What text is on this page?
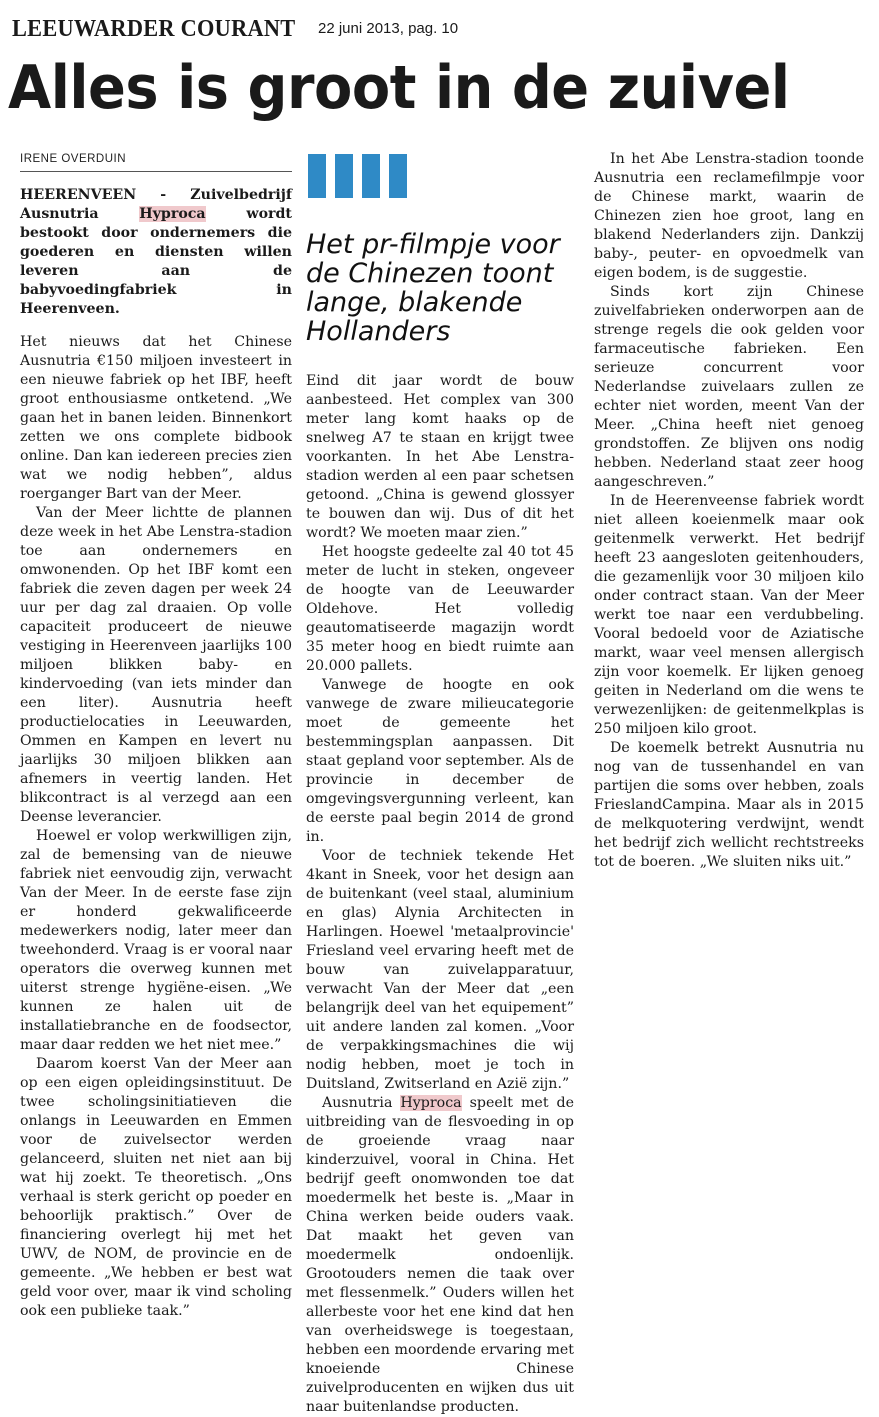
LEEUWARDER COURANT 22 juni 2013, pag. 10
Alles is groot in de zuivel
IRENE OVERDUIN
HEERENVEEN - Zuivelbedrijf Ausnutria Hyproca wordt bestookt door ondernemers die goederen en diensten willen leveren aan de babyvoedingfabriek in Heerenveen.

Het nieuws dat het Chinese Ausnutria €150 miljoen investeert in een nieuwe fabriek op het IBF, heeft groot enthousiasme ontketend. „We gaan het in banen leiden. Binnenkort zetten we ons complete bidbook online. Dan kan iedereen precies zien wat we nodig hebben”, aldus roerganger Bart van der Meer.

Van der Meer lichtte de plannen deze week in het Abe Lenstra-stadion toe aan ondernemers en omwonenden. Op het IBF komt een fabriek die zeven dagen per week 24 uur per dag zal draaien. Op volle capaciteit produceert de nieuwe vestiging in Heerenveen jaarlijks 100 miljoen blikken baby- en kindervoeding (van iets minder dan een liter). Ausnutria heeft productielocaties in Leeuwarden, Ommen en Kampen en levert nu jaarlijks 30 miljoen blikken aan afnemers in veertig landen. Het blikcontract is al verzegd aan een Deense leverancier.

Hoewel er volop werkwilligen zijn, zal de bemensing van de nieuwe fabriek niet eenvoudig zijn, verwacht Van der Meer. In de eerste fase zijn er honderd gekwalificeerde medewerkers nodig, later meer dan tweehonderd. Vraag is er vooral naar operators die overweg kunnen met uiterst strenge hygiëne-eisen. „We kunnen ze halen uit de installatiebranche en de foodsector, maar daar redden we het niet mee.”

Daarom koerst Van der Meer aan op een eigen opleidingsinstituut. De twee scholingsinitiatieven die onlangs in Leeuwarden en Emmen voor de zuivelsector werden gelanceerd, sluiten net niet aan bij wat hij zoekt. Te theoretisch. „Ons verhaal is sterk gericht op poeder en behoorlijk praktisch.” Over de financiering overlegt hij met het UWV, de NOM, de provincie en de gemeente. „We hebben er best wat geld voor over, maar ik vind scholing ook een publieke taak.”

Het pr-filmpje voor de Chinezen toont lange, blakende Hollanders

Eind dit jaar wordt de bouw aanbesteed. Het complex van 300 meter lang komt haaks op de snelweg A7 te staan en krijgt twee voorkanten. In het Abe Lenstra-stadion werden al een paar schetsen getoond. „China is gewend glossyer te bouwen dan wij. Dus of dit het wordt? We moeten maar zien.”

Het hoogste gedeelte zal 40 tot 45 meter de lucht in steken, ongeveer de hoogte van de Leeuwarder Oldehove. Het volledig geautomatiseerde magazijn wordt 35 meter hoog en biedt ruimte aan 20.000 pallets.

Vanwege de hoogte en ook vanwege de zware milieucategorie moet de gemeente het bestemmingsplan aanpassen. Dit staat gepland voor september. Als de provincie in december de omgevingsvergunning verleent, kan de eerste paal begin 2014 de grond in.

Voor de techniek tekende Het 4kant in Sneek, voor het design aan de buitenkant (veel staal, aluminium en glas) Alynia Architecten in Harlingen. Hoewel 'metaalprovincie' Friesland veel ervaring heeft met de bouw van zuivelapparatuur, verwacht Van der Meer dat „een belangrijk deel van het equipement” uit andere landen zal komen. „Voor de verpakkingsmachines die wij nodig hebben, moet je toch in Duitsland, Zwitserland en Azië zijn.”

Ausnutria Hyproca speelt met de uitbreiding van de flesvoeding in op de groeiende vraag naar kinderzuivel, vooral in China. Het bedrijf geeft onomwonden toe dat moedermelk het beste is. „Maar in China werken beide ouders vaak. Dat maakt het geven van moedermelk ondoenlijk. Grootouders nemen die taak over met flessenmelk.” Ouders willen het allerbeste voor het ene kind dat hen van overheidswege is toegestaan, hebben een moordende ervaring met knoeiende Chinese zuivelproducenten en wijken dus uit naar buitenlandse producten.

In het Abe Lenstra-stadion toonde Ausnutria een reclamefilmpje voor de Chinese markt, waarin de Chinezen zien hoe groot, lang en blakend Nederlanders zijn. Dankzij baby-, peuter- en opvoedmelk van eigen bodem, is de suggestie.

Sinds kort zijn Chinese zuivelfabrieken onderworpen aan de strenge regels die ook gelden voor farmaceutische fabrieken. Een serieuze concurrent voor Nederlandse zuivelaars zullen ze echter niet worden, meent Van der Meer. „China heeft niet genoeg grondstoffen. Ze blijven ons nodig hebben. Nederland staat zeer hoog aangeschreven.”

In de Heerenveense fabriek wordt niet alleen koeienmelk maar ook geitenmelk verwerkt. Het bedrijf heeft 23 aangesloten geitenhouders, die gezamenlijk voor 30 miljoen kilo onder contract staan. Van der Meer werkt toe naar een verdubbeling. Vooral bedoeld voor de Aziatische markt, waar veel mensen allergisch zijn voor koemelk. Er lijken genoeg geiten in Nederland om die wens te verwezenlijken: de geitenmelkplas is 250 miljoen kilo groot.

De koemelk betrekt Ausnutria nu nog van de tussenhandel en van partijen die soms over hebben, zoals FrieslandCampina. Maar als in 2015 de melkquotering verdwijnt, wendt het bedrijf zich wellicht rechtstreeks tot de boeren. „We sluiten niks uit.”
